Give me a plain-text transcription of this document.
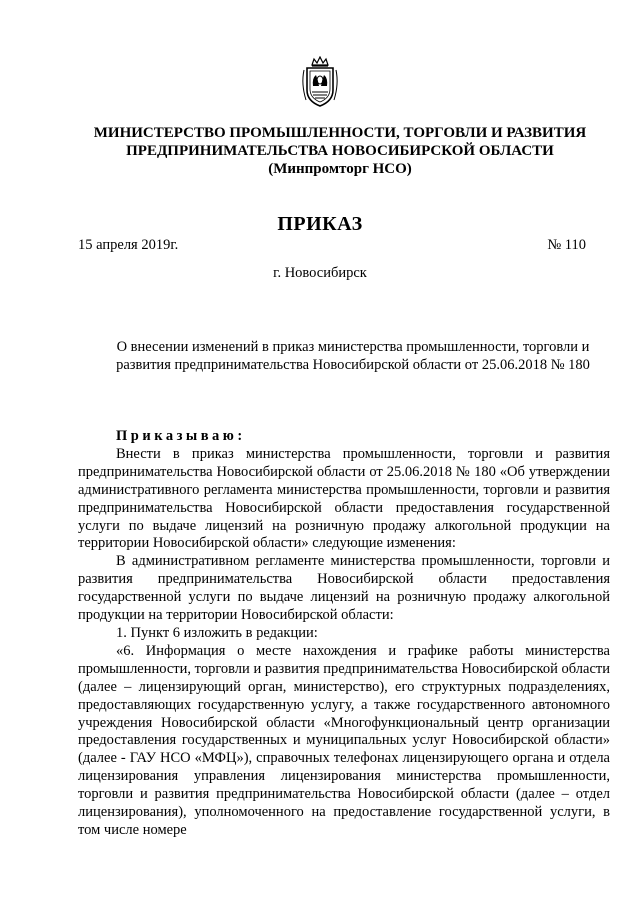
МИНИСТЕРСТВО ПРОМЫШЛЕННОСТИ, ТОРГОВЛИ И РАЗВИТИЯ
ПРЕДПРИНИМАТЕЛЬСТВА НОВОСИБИРСКОЙ ОБЛАСТИ
(Минпромторг НСО)
ПРИКАЗ
15 апреля 2019г.	№ 110
г. Новосибирск
О внесении изменений в приказ министерства промышленности, торговли и развития предпринимательства Новосибирской области от 25.06.2018 № 180

Приказываю:

Внести в приказ министерства промышленности, торговли и развития предпринимательства Новосибирской области от 25.06.2018 № 180 «Об утверждении административного регламента министерства промышленности, торговли и развития предпринимательства Новосибирской области предоставления государственной услуги по выдаче лицензий на розничную продажу алкогольной продукции на территории Новосибирской области» следующие изменения:

В административном регламенте министерства промышленности, торговли и развития предпринимательства Новосибирской области предоставления государственной услуги по выдаче лицензий на розничную продажу алкогольной продукции на территории Новосибирской области:

1. Пункт 6 изложить в редакции:

«6. Информация о месте нахождения и графике работы министерства промышленности, торговли и развития предпринимательства Новосибирской области (далее – лицензирующий орган, министерство), его структурных подразделениях, предоставляющих государственную услугу, а также государственного автономного учреждения Новосибирской области «Многофункциональный центр организации предоставления государственных и муниципальных услуг Новосибирской области» (далее - ГАУ НСО «МФЦ»), справочных телефонах лицензирующего органа и отдела лицензирования управления лицензирования министерства промышленности, торговли и развития предпринимательства Новосибирской области (далее – отдел лицензирования), уполномоченного на предоставление государственной услуги, в том числе номере
